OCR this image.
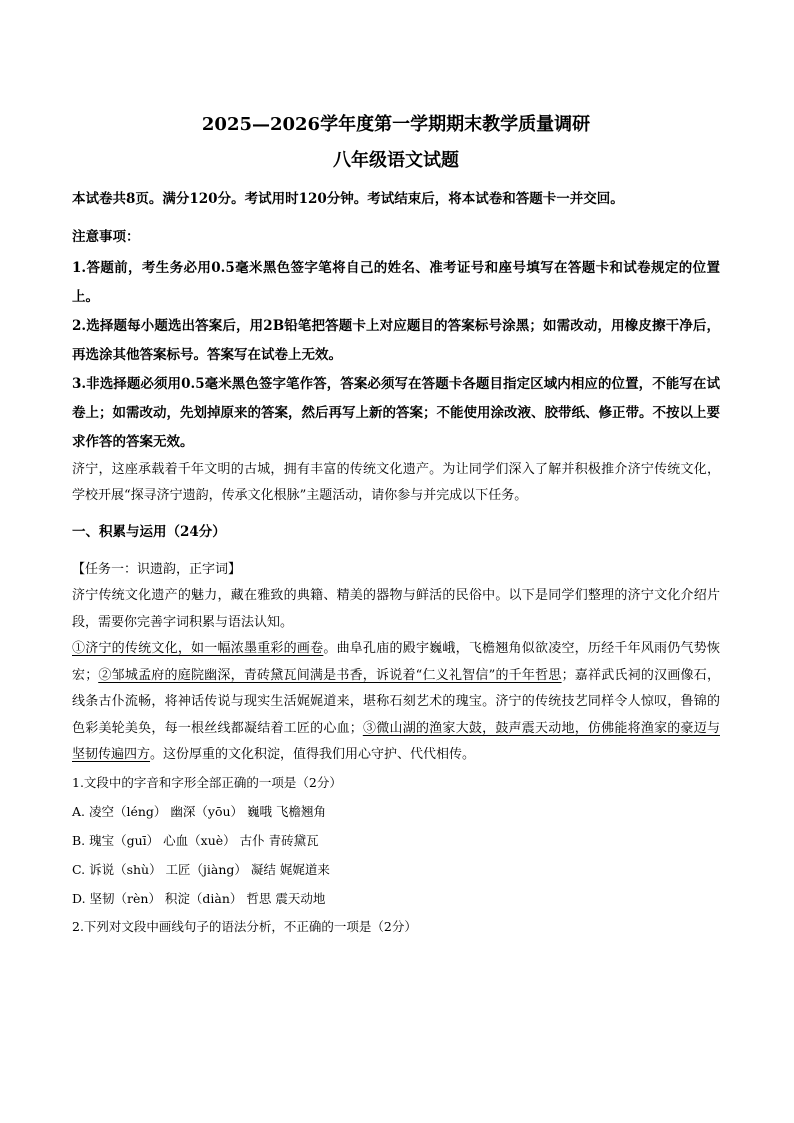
2025—2026学年度第一学期期末教学质量调研
八年级语文试题

本试卷共8页。满分120分。考试用时120分钟。考试结束后，将本试卷和答题卡一并交回。

注意事项：

1.答题前，考生务必用0.5毫米黑色签字笔将自己的姓名、准考证号和座号填写在答题卡和试卷规定的位置上。

2.选择题每小题选出答案后，用2B铅笔把答题卡上对应题目的答案标号涂黑；如需改动，用橡皮擦干净后，再选涂其他答案标号。答案写在试卷上无效。

3.非选择题必须用0.5毫米黑色签字笔作答，答案必须写在答题卡各题目指定区域内相应的位置，不能写在试卷上；如需改动，先划掉原来的答案，然后再写上新的答案；不能使用涂改液、胶带纸、修正带。不按以上要求作答的答案无效。

济宁，这座承载着千年文明的古城，拥有丰富的传统文化遗产。为让同学们深入了解并积极推介济宁传统文化，学校开展“探寻济宁遗韵，传承文化根脉”主题活动，请你参与并完成以下任务。

一、积累与运用（24分）

【任务一：识遗韵，正字词】

济宁传统文化遗产的魅力，藏在雅致的典籍、精美的器物与鲜活的民俗中。以下是同学们整理的济宁文化介绍片段，需要你完善字词积累与语法认知。

①济宁的传统文化，如一幅浓墨重彩的画卷。曲阜孔庙的殿宇巍峨，飞檐翘角似欲凌空，历经千年风雨仍气势恢宏；②邹城孟府的庭院幽深，青砖黛瓦间满是书香，诉说着“仁义礼智信”的千年哲思；嘉祥武氏祠的汉画像石，线条古仆流畅，将神话传说与现实生活娓娓道来，堪称石刻艺术的瑰宝。济宁的传统技艺同样令人惊叹，鲁锦的色彩美轮美奂，每一根丝线都凝结着工匠的心血；③微山湖的渔家大鼓，鼓声震天动地，仿佛能将渔家的豪迈与坚韧传遍四方。这份厚重的文化积淀，值得我们用心守护、代代相传。

1.文段中的字音和字形全部正确的一项是（2分）

A. 凌空（léng） 幽深（yōu） 巍哦 飞檐翘角

B. 瑰宝（guī） 心血（xuè） 古仆 青砖黛瓦

C. 诉说（shù） 工匠（jiàng） 凝结 娓娓道来

D. 坚韧（rèn） 积淀（diàn） 哲思 震天动地

2.下列对文段中画线句子的语法分析，不正确的一项是（2分）
